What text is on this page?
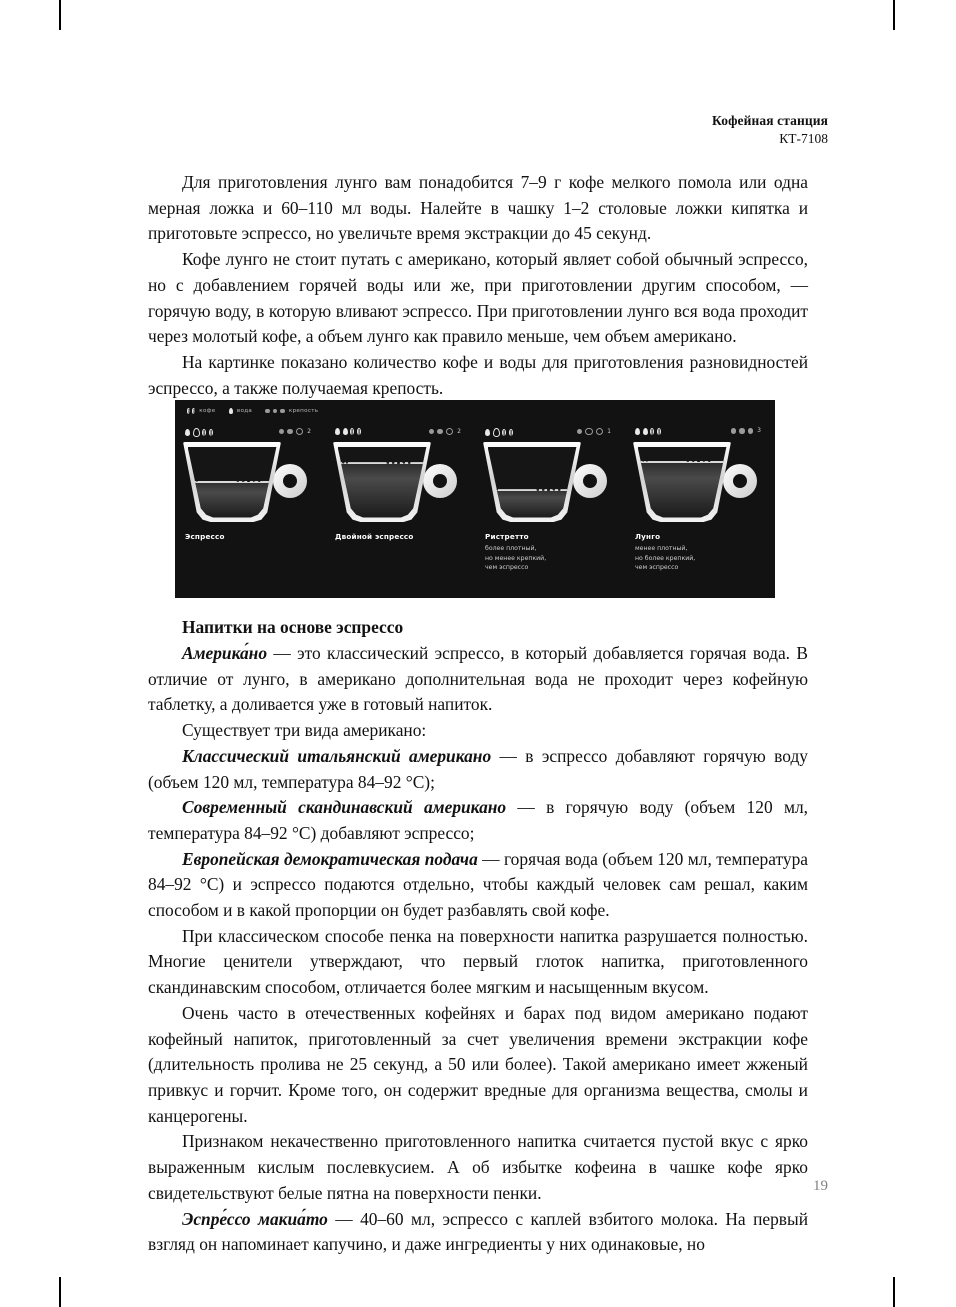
Кофейная станция
КТ-7108

Для приготовления лунго вам понадобится 7–9 г кофе мелкого помола или одна мерная ложка и 60–110 мл воды. Налейте в чашку 1–2 столовые ложки кипятка и приготовьте эспрессо, но увеличьте время экстракции до 45 секунд.

Кофе лунго не стоит путать с американо, который являет собой обычный эспрессо, но с добавлением горячей воды или же, при приготовлении другим способом, — горячую воду, в которую вливают эспрессо. При приготовлении лунго вся вода проходит через молотый кофе, а объем лунго как правило меньше, чем объем американо.

На картинке показано количество кофе и воды для приготовления разновидностей эспрессо, а также получаемая крепость.

Напитки на основе эспрессо

Америка́но — это классический эспрессо, в который добавляется горячая вода. В отличие от лунго, в американо дополнительная вода не проходит через кофейную таблетку, а доливается уже в готовый напиток.

Существует три вида американо:

Классический итальянский американо — в эспрессо добавляют горячую воду (объем 120 мл, температура 84–92 °C);

Современный скандинавский американо — в горячую воду (объем 120 мл, температура 84–92 °C) добавляют эспрессо;

Европейская демократическая подача — горячая вода (объем 120 мл, температура 84–92 °C) и эспрессо подаются отдельно, чтобы каждый человек сам решал, каким способом и в какой пропорции он будет разбавлять свой кофе.

При классическом способе пенка на поверхности напитка разрушается полностью. Многие ценители утверждают, что первый глоток напитка, приготовленного скандинавским способом, отличается более мягким и насыщенным вкусом.

Очень часто в отечественных кофейнях и барах под видом американо подают кофейный напиток, приготовленный за счет увеличения времени экстракции кофе (длительность пролива не 25 секунд, а 50 или более). Такой американо имеет жженый привкус и горчит. Кроме того, он содержит вредные для организма вещества, смолы и канцерогены.

Признаком некачественно приготовленного напитка считается пустой вкус с ярко выраженным кислым послевкусием. А об избытке кофеина в чашке кофе ярко свидетельствуют белые пятна на поверхности пенки.

Эспре́ссо макиа́то — 40–60 мл, эспрессо с каплей взбитого молока. На первый взгляд он напоминает капучино, и даже ингредиенты у них одинаковые, но

кофе	вода	крепость
2
Эспрессо
2
Двойной эспрессо
1
Ристретто
более плотный,
но менее крепкий,
чем эспрессо
3
Лунго
менее плотный,
но более крепкий,
чем эспрессо
19
